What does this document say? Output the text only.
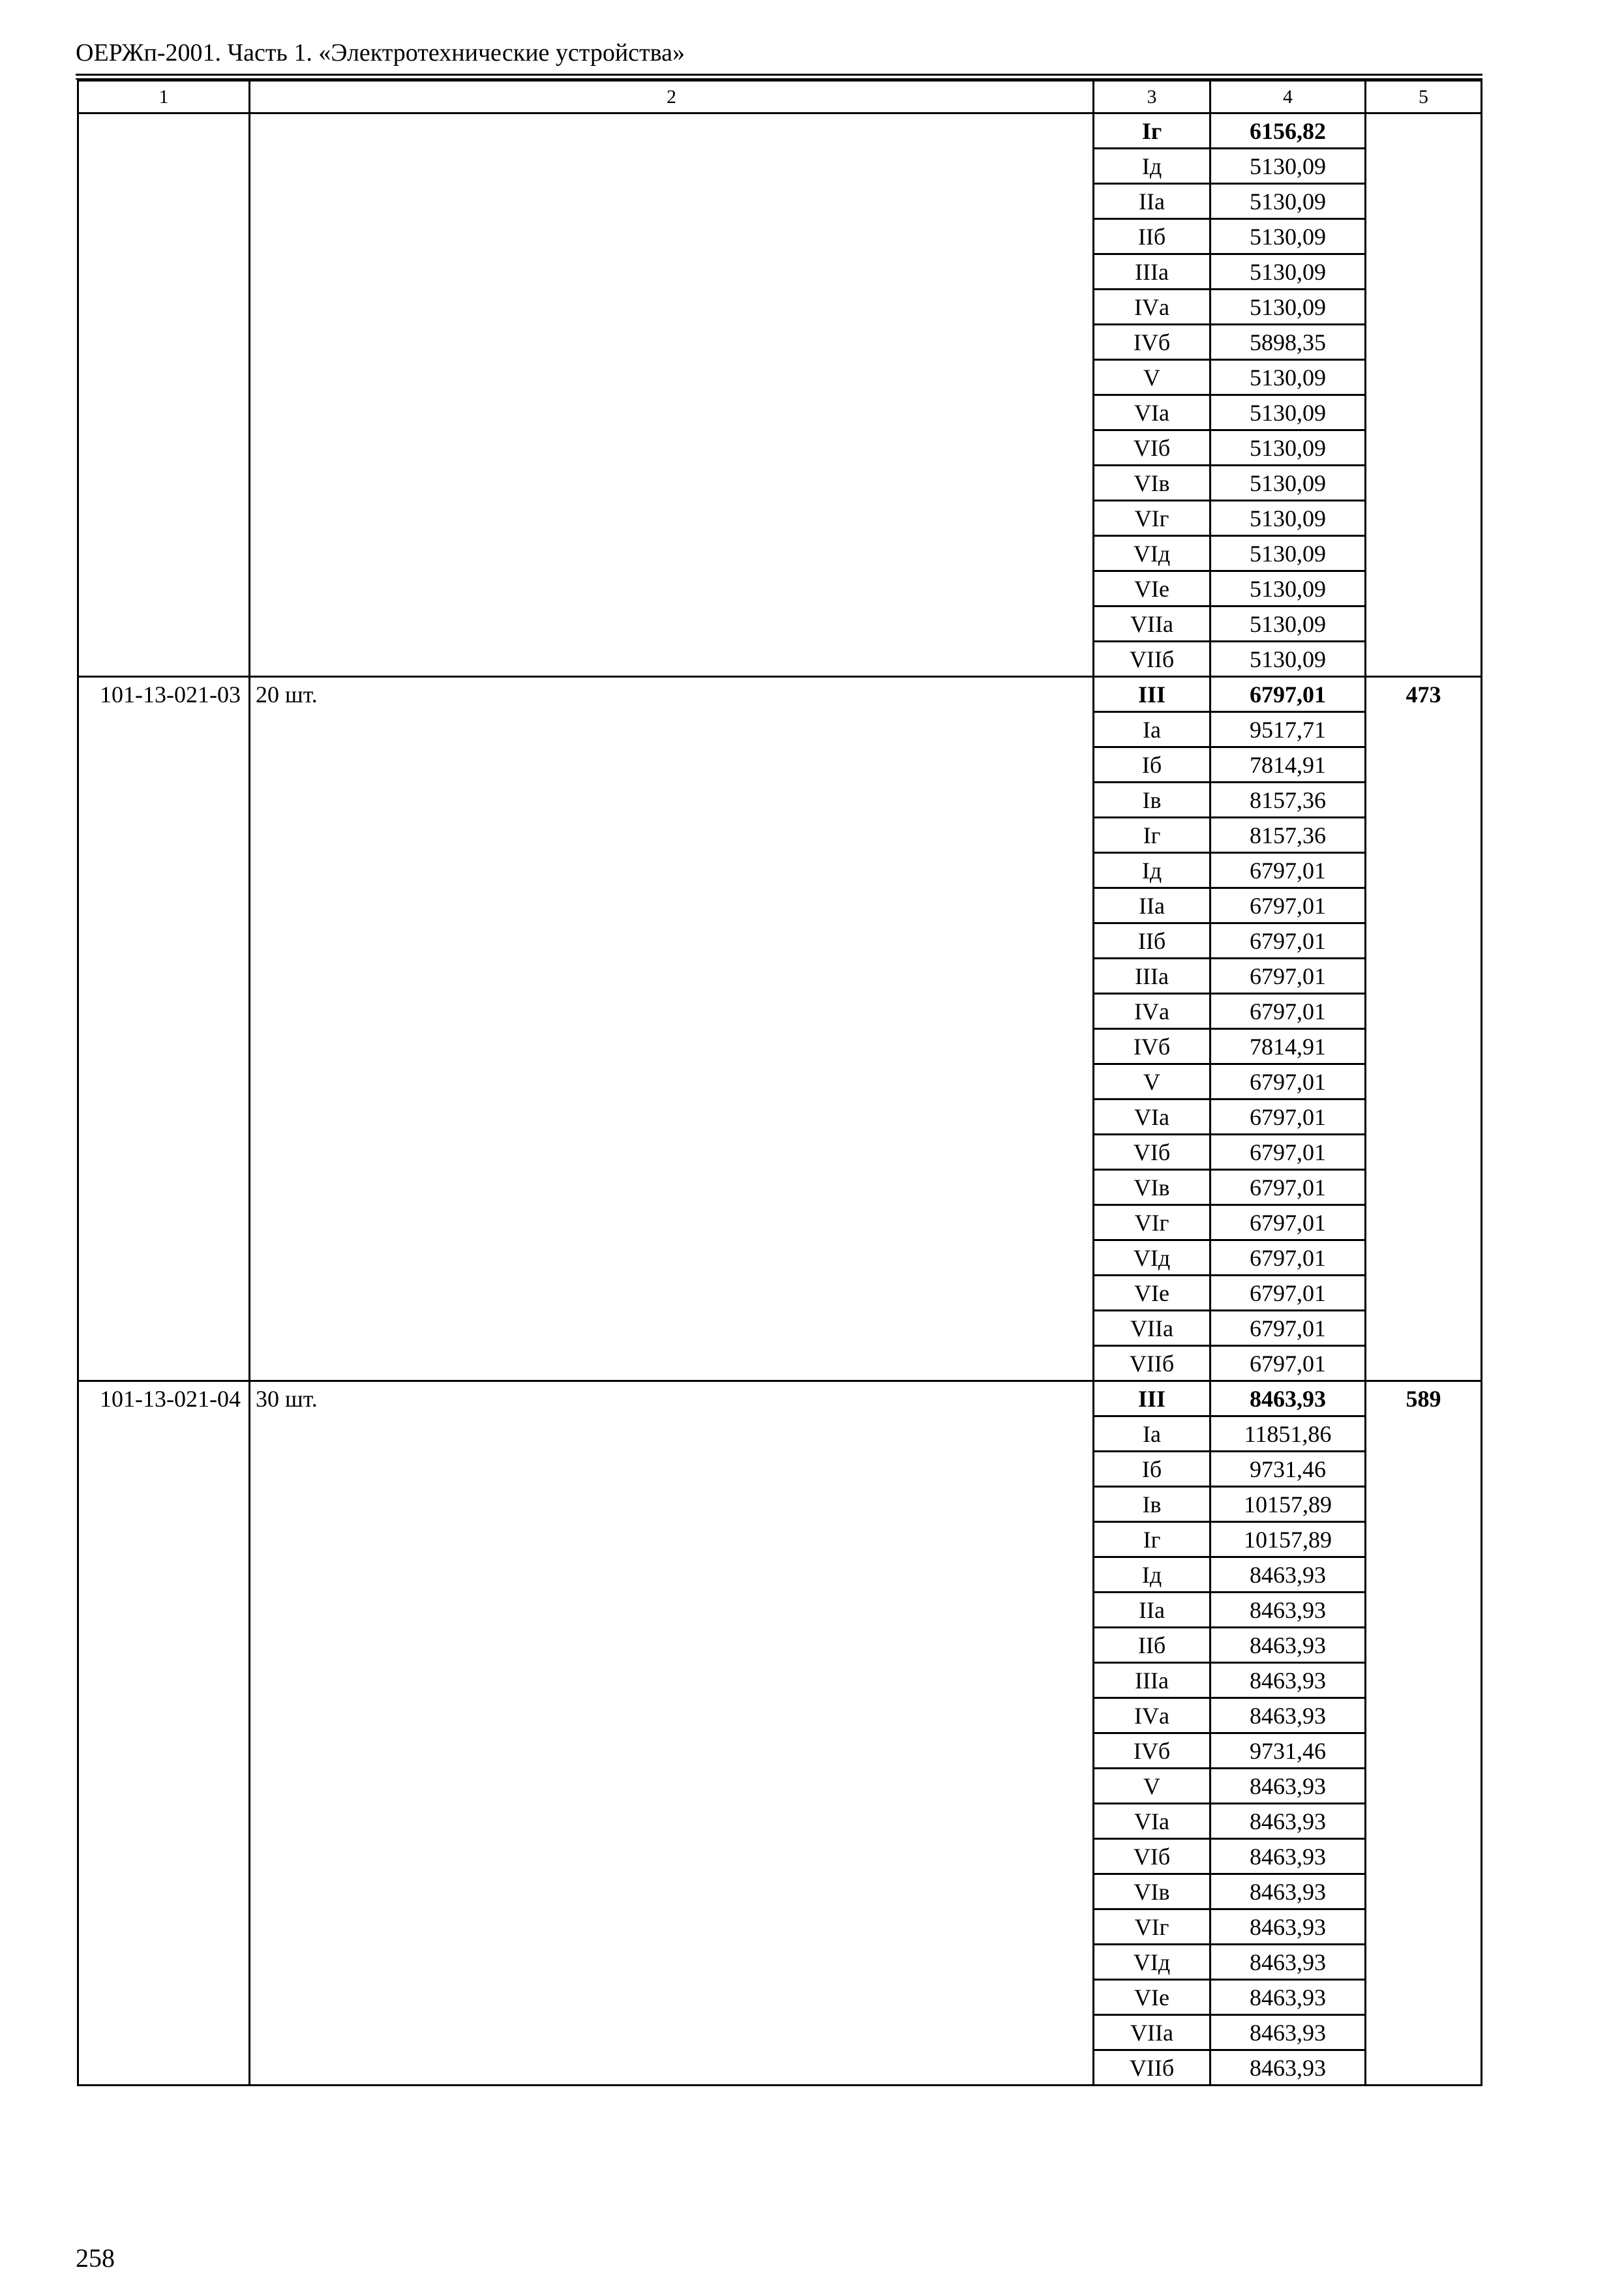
ОЕРЖп-2001. Часть 1. «Электротехнические устройства»
1	2	3	4	5
		Iг	6156,82	
		Iд	5130,09	
		IIа	5130,09	
		IIб	5130,09	
		IIIа	5130,09	
		IVа	5130,09	
		IVб	5898,35	
		V	5130,09	
		VIа	5130,09	
		VIб	5130,09	
		VIв	5130,09	
		VIг	5130,09	
		VIд	5130,09	
		VIе	5130,09	
		VIIа	5130,09	
		VIIб	5130,09	
101-13-021-03	20 шт.	III	6797,01	473
		Iа	9517,71	
		Iб	7814,91	
		Iв	8157,36	
		Iг	8157,36	
		Iд	6797,01	
		IIа	6797,01	
		IIб	6797,01	
		IIIа	6797,01	
		IVа	6797,01	
		IVб	7814,91	
		V	6797,01	
		VIа	6797,01	
		VIб	6797,01	
		VIв	6797,01	
		VIг	6797,01	
		VIд	6797,01	
		VIе	6797,01	
		VIIа	6797,01	
		VIIб	6797,01	
101-13-021-04	30 шт.	III	8463,93	589
		Iа	11851,86	
		Iб	9731,46	
		Iв	10157,89	
		Iг	10157,89	
		Iд	8463,93	
		IIа	8463,93	
		IIб	8463,93	
		IIIа	8463,93	
		IVа	8463,93	
		IVб	9731,46	
		V	8463,93	
		VIа	8463,93	
		VIб	8463,93	
		VIв	8463,93	
		VIг	8463,93	
		VIд	8463,93	
		VIе	8463,93	
		VIIа	8463,93	
		VIIб	8463,93	
258
